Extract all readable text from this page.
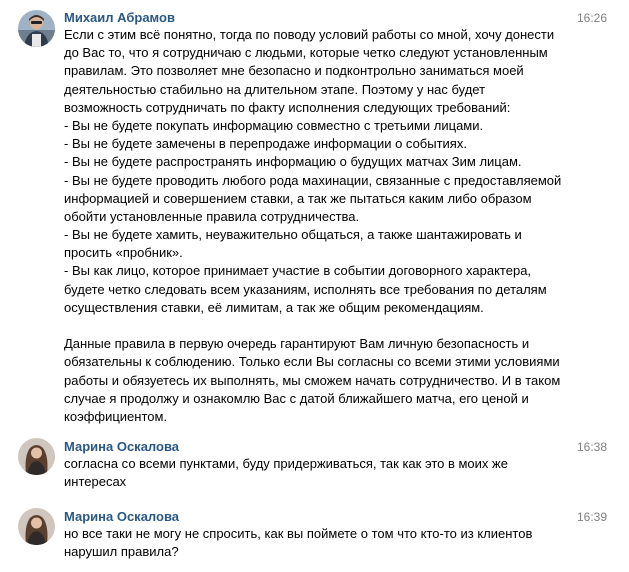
Михаил Абрамов	16:26
Если с этим всё понятно, тогда по поводу условий работы со мной, хочу донести
до Вас то, что я сотрудничаю с людьми, которые четко следуют установленным
правилам. Это позволяет мне безопасно и подконтрольно заниматься моей
деятельностью стабильно на длительном этапе. Поэтому у нас будет
возможность сотрудничать по факту исполнения следующих требований:
- Вы не будете покупать информацию совместно с третьими лицами.
- Вы не будете замечены в перепродаже информации о событиях.
- Вы не будете распространять информацию о будущих матчах Зим лицам.
- Вы не будете проводить любого рода махинации, связанные с предоставляемой
информацией и совершением ставки, а так же пытаться каким либо образом
обойти установленные правила сотрудничества.
- Вы не будете хамить, неуважительно общаться, а также шантажировать и
просить «пробник».
- Вы как лицо, которое принимает участие в событии договорного характера,
будете четко следовать всем указаниям, исполнять все требования по деталям
осуществления ставки, её лимитам, а так же общим рекомендациям.
Данные правила в первую очередь гарантируют Вам личную безопасность и
обязательны к соблюдению. Только если Вы согласны со всеми этими условиями
работы и обязуетесь их выполнять, мы сможем начать сотрудничество. И в таком
случае я продолжу и ознакомлю Вас с датой ближайшего матча, его ценой и
коэффициентом.
Марина Оскалова	16:38
согласна со всеми пунктами, буду придерживаться, так как это в моих же
интересах
Марина Оскалова	16:39
но все таки не могу не спросить, как вы поймете о том что кто-то из клиентов
нарушил правила?
